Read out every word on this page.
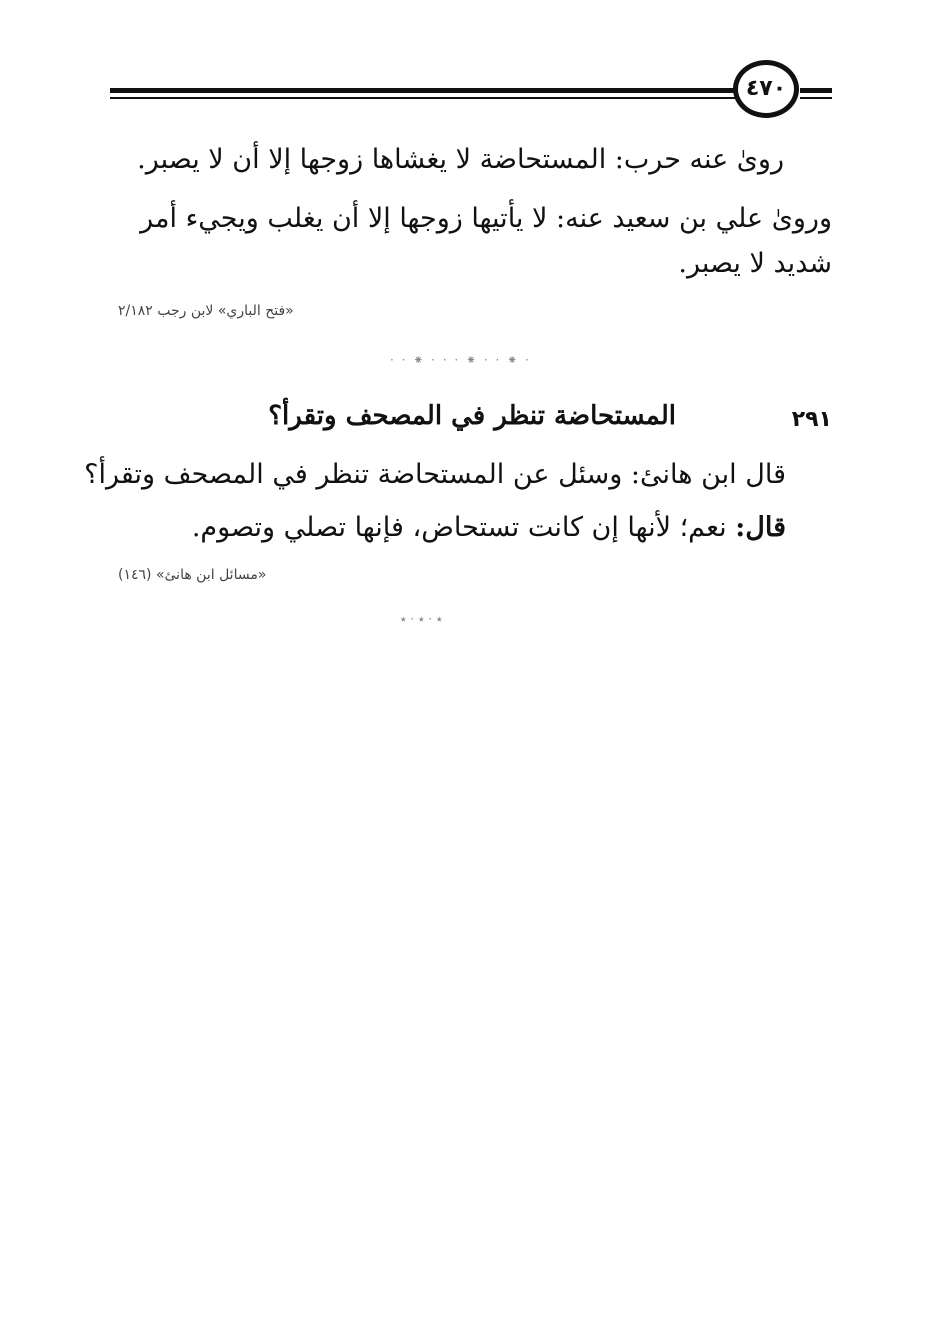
٤٧٠
رویٰ عنه حرب: المستحاضة لا يغشاها زوجها إلا أن لا يصبر.
وروىٰ علي بن سعيد عنه: لا يأتيها زوجها إلا أن يغلب ويجيء أمر
شديد لا يصبر.
«فتح الباري» لابن رجب ٢/١٨٢
· · ⁕ · · · ⁕ · · ⁕ ·
٢٩١
المستحاضة تنظر في المصحف وتقرأ؟
قال ابن هانئ: وسئل عن المستحاضة تنظر في المصحف وتقرأ؟
قال: نعم؛ لأنها إن كانت تستحاض، فإنها تصلي وتصوم.
«مسائل ابن هانئ» (١٤٦)
٭ · ٭ · ٭
